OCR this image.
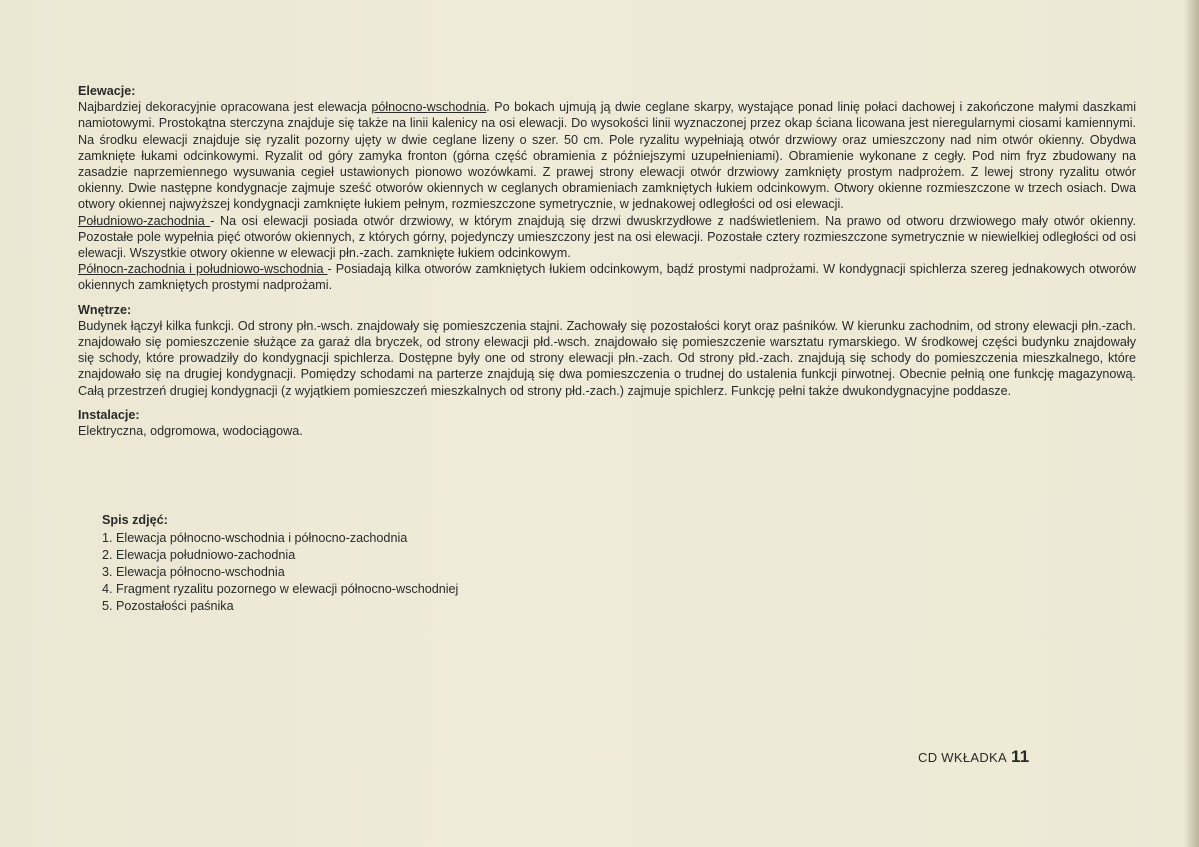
Elewacje:

Najbardziej dekoracyjnie opracowana jest elewacja północno-wschodnia. Po bokach ujmują ją dwie ceglane skarpy, wystające ponad linię połaci dachowej i zakończone małymi daszkami namiotowymi. Prostokątna sterczyna znajduje się także na linii kalenicy na osi elewacji. Do wysokości linii wyznaczonej przez okap ściana licowana jest nieregularnymi ciosami kamiennymi. Na środku elewacji znajduje się ryzalit pozorny ujęty w dwie ceglane lizeny o szer. 50 cm. Pole ryzalitu wypełniają otwór drzwiowy oraz umieszczony nad nim otwór okienny. Obydwa zamknięte łukami odcinkowymi. Ryzalit od góry zamyka fronton (górna część obramienia z późniejszymi uzupełnieniami). Obramienie wykonane z cegły. Pod nim fryz zbudowany na zasadzie naprzemiennego wysuwania cegieł ustawionych pionowo wozówkami. Z prawej strony elewacji otwór drzwiowy zamknięty prostym nadprożem. Z lewej strony ryzalitu otwór okienny. Dwie następne kondygnacje zajmuje sześć otworów okiennych w ceglanych obramieniach zamkniętych łukiem odcinkowym. Otwory okienne rozmieszczone w trzech osiach. Dwa otwory okiennej najwyższej kondygnacji zamknięte łukiem pełnym, rozmieszczone symetrycznie, w jednakowej odległości od osi elewacji.

Południowo-zachodnia - Na osi elewacji posiada otwór drzwiowy, w którym znajdują się drzwi dwuskrzydłowe z nadświetleniem. Na prawo od otworu drzwiowego mały otwór okienny. Pozostałe pole wypełnia pięć otworów okiennych, z których górny, pojedynczy umieszczony jest na osi elewacji. Pozostałe cztery rozmieszczone symetrycznie w niewielkiej odległości od osi elewacji. Wszystkie otwory okienne w elewacji płn.-zach. zamknięte łukiem odcinkowym.

Północn-zachodnia i południowo-wschodnia - Posiadają kilka otworów zamkniętych łukiem odcinkowym, bądź prostymi nadprożami. W kondygnacji spichlerza szereg jednakowych otworów okiennych zamkniętych prostymi nadprożami.

Wnętrze:

Budynek łączył kilka funkcji. Od strony płn.-wsch. znajdowały się pomieszczenia stajni. Zachowały się pozostałości koryt oraz paśników. W kierunku zachodnim, od strony elewacji płn.-zach. znajdowało się pomieszczenie służące za garaż dla bryczek, od strony elewacji płd.-wsch. znajdowało się pomieszczenie warsztatu rymarskiego. W środkowej części budynku znajdowały się schody, które prowadziły do kondygnacji spichlerza. Dostępne były one od strony elewacji płn.-zach. Od strony płd.-zach. znajdują się schody do pomieszczenia mieszkalnego, które znajdowało się na drugiej kondygnacji. Pomiędzy schodami na parterze znajdują się dwa pomieszczenia o trudnej do ustalenia funkcji pirwotnej. Obecnie pełnią one funkcję magazynową. Całą przestrzeń drugiej kondygnacji (z wyjątkiem pomieszczeń mieszkalnych od strony płd.-zach.) zajmuje spichlerz. Funkcję pełni także dwukondygnacyjne poddasze.

Instalacje:

Elektryczna, odgromowa, wodociągowa.

Spis zdjęć:

1. Elewacja północno-wschodnia i północno-zachodnia
2. Elewacja południowo-zachodnia
3. Elewacja północno-wschodnia
4. Fragment ryzalitu pozornego w elewacji północno-wschodniej
5. Pozostałości paśnika
CD WKŁADKA 11
